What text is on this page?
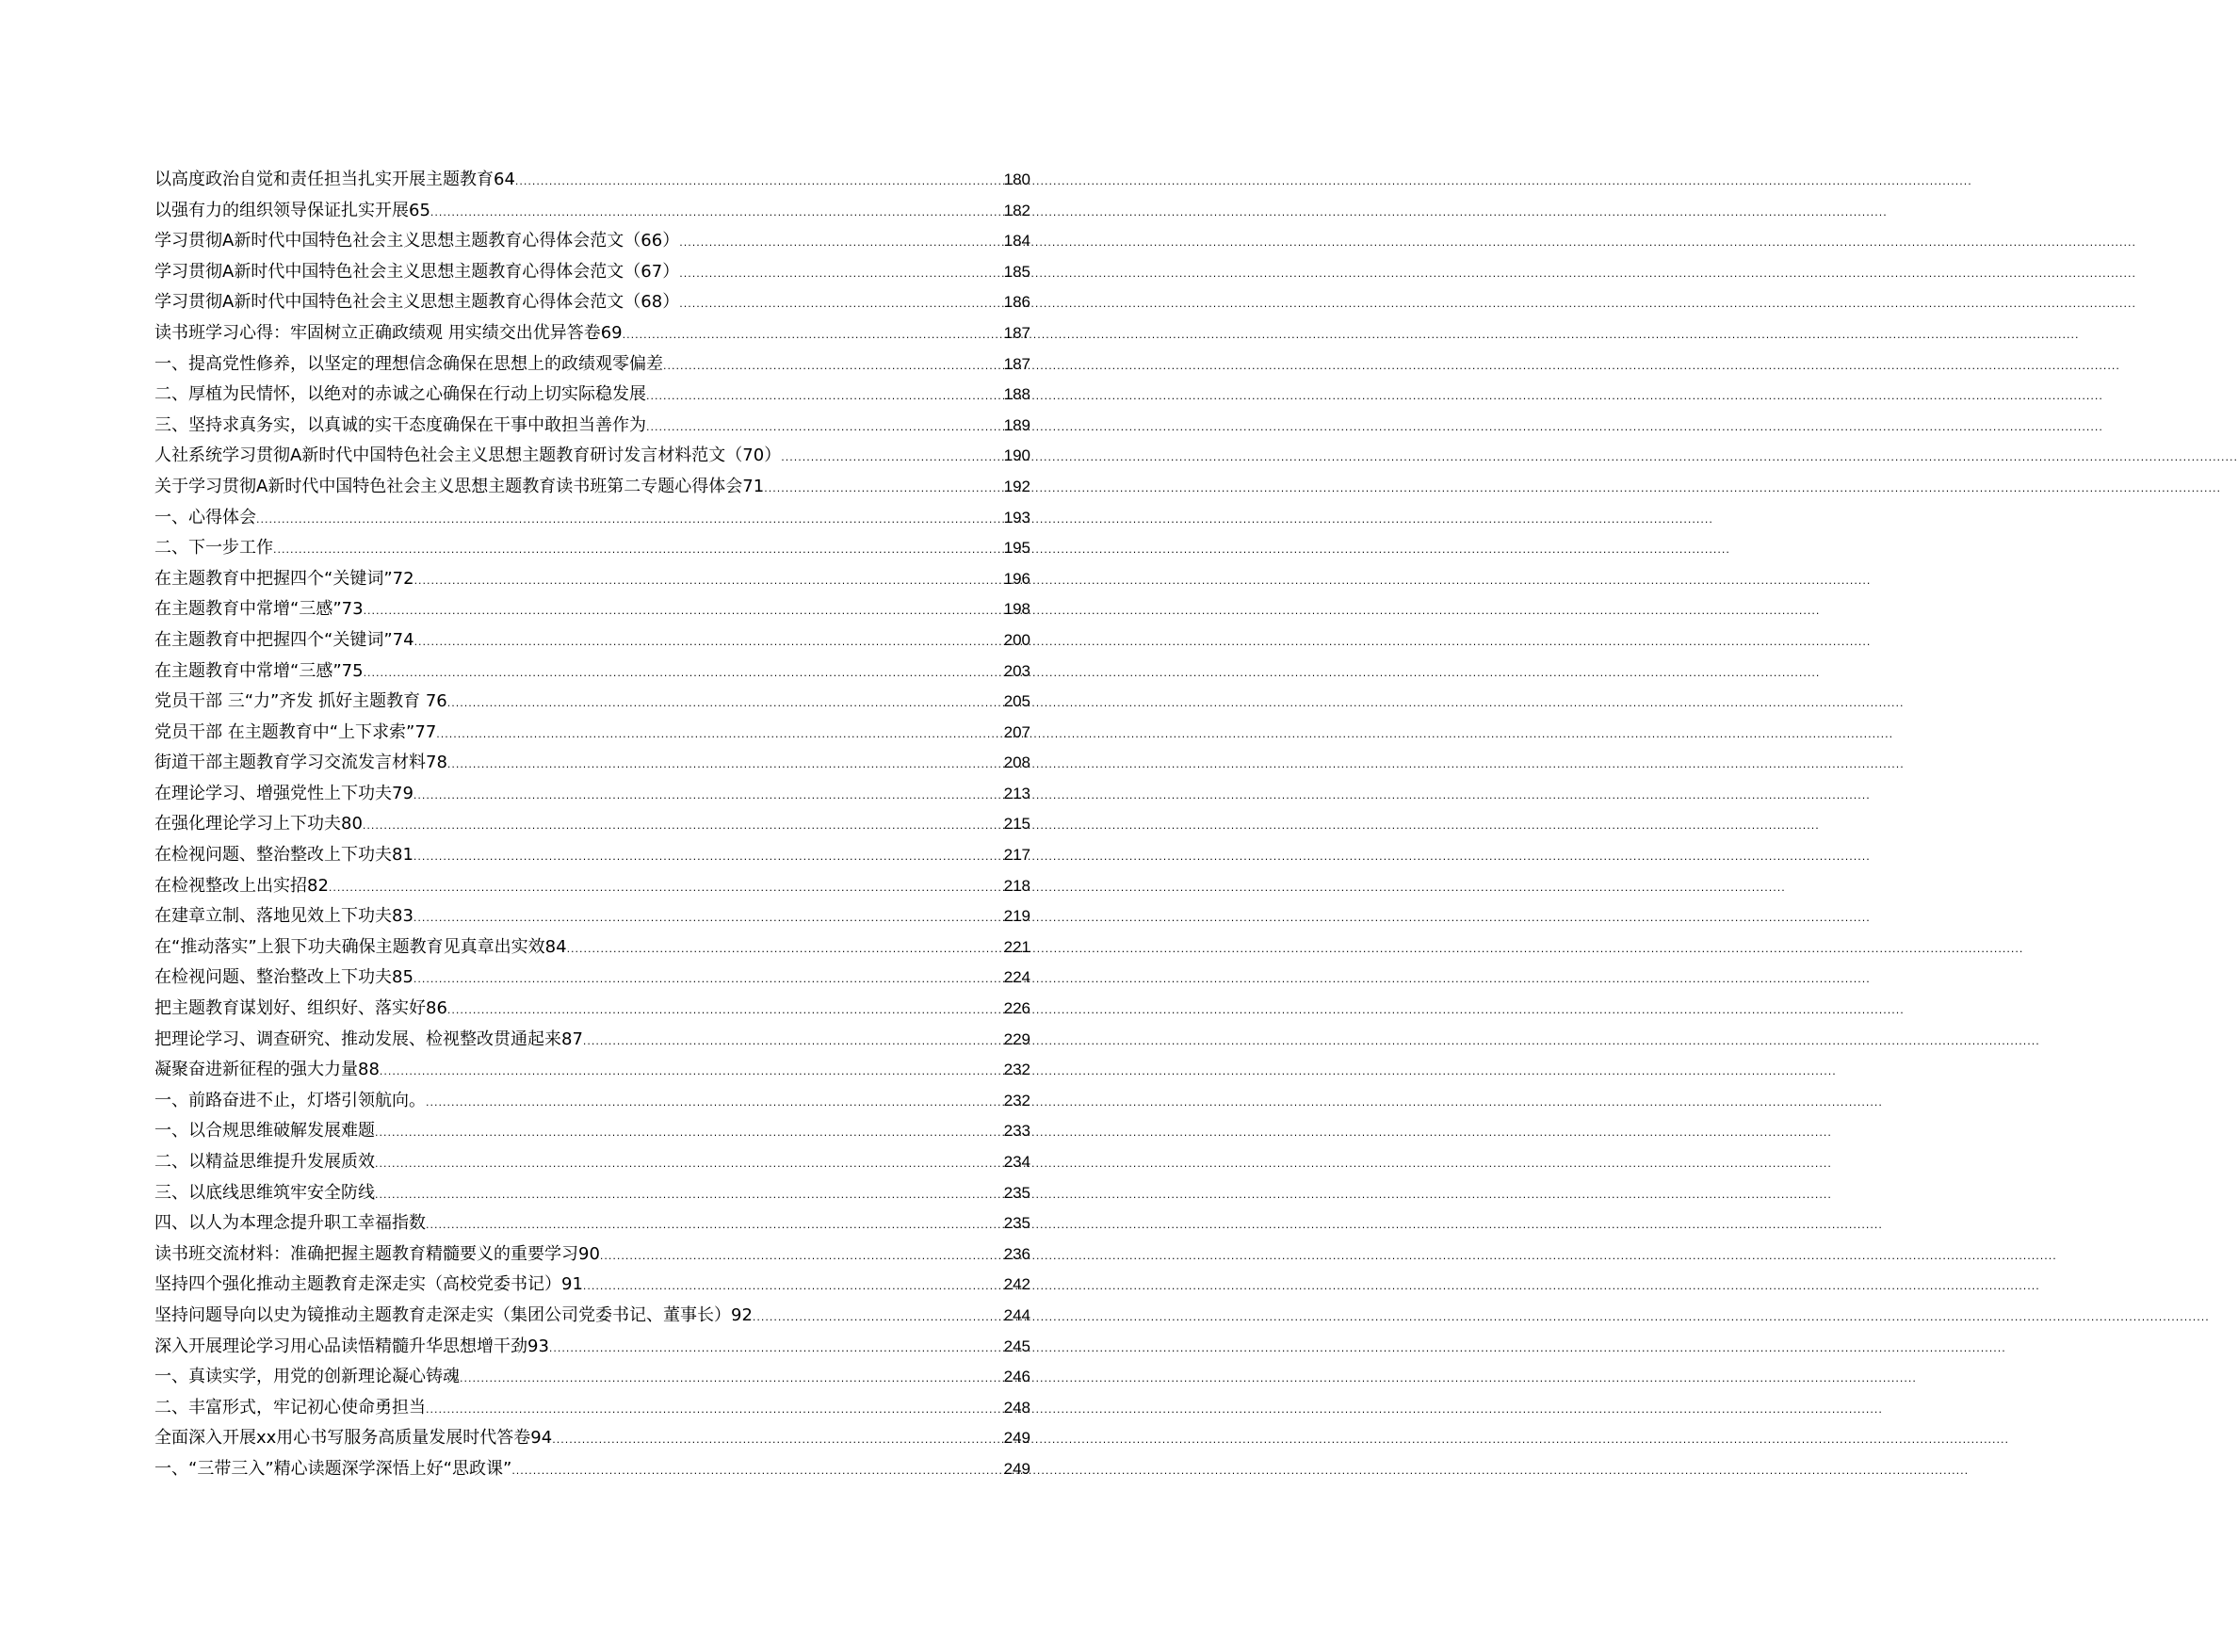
以高度政治自觉和责任担当扎实开展主题教育64 .....	180
以强有力的组织领导保证扎实开展65 .....	182
学习贯彻A新时代中国特色社会主义思想主题教育心得体会范文（66） .....	184
学习贯彻A新时代中国特色社会主义思想主题教育心得体会范文（67） .....	185
学习贯彻A新时代中国特色社会主义思想主题教育心得体会范文（68） .....	186
读书班学习心得：牢固树立正确政绩观 用实绩交出优异答卷69 .....	187
一、提高党性修养，以坚定的理想信念确保在思想上的政绩观零偏差 .....	187
二、厚植为民情怀，以绝对的赤诚之心确保在行动上切实际稳发展 .....	188
三、坚持求真务实，以真诚的实干态度确保在干事中敢担当善作为 .....	189
人社系统学习贯彻A新时代中国特色社会主义思想主题教育研讨发言材料范文（70） .....	190
关于学习贯彻A新时代中国特色社会主义思想主题教育读书班第二专题心得体会71 .....	192
一、心得体会 .....	193
二、下一步工作 .....	195
在主题教育中把握四个“关键词”72 .....	196
在主题教育中常增“三感”73 .....	198
在主题教育中把握四个“关键词”74 .....	200
在主题教育中常增“三感”75 .....	203
党员干部 三“力”齐发 抓好主题教育 76 .....	205
党员干部 在主题教育中“上下求索”77 .....	207
街道干部主题教育学习交流发言材料78 .....	208
在理论学习、增强党性上下功夫79 .....	213
在强化理论学习上下功夫80 .....	215
在检视问题、整治整改上下功夫81 .....	217
在检视整改上出实招82 .....	218
在建章立制、落地见效上下功夫83 .....	219
在“推动落实”上狠下功夫确保主题教育见真章出实效84 .....	221
在检视问题、整治整改上下功夫85 .....	224
把主题教育谋划好、组织好、落实好86 .....	226
把理论学习、调查研究、推动发展、检视整改贯通起来87 .....	229
凝聚奋进新征程的强大力量88 .....	232
一、前路奋进不止，灯塔引领航向。 .....	232
一、以合规思维破解发展难题 .....	233
二、以精益思维提升发展质效 .....	234
三、以底线思维筑牢安全防线 .....	235
四、以人为本理念提升职工幸福指数 .....	235
读书班交流材料：准确把握主题教育精髓要义的重要学习90 .....	236
坚持四个强化推动主题教育走深走实（高校党委书记）91 .....	242
坚持问题导向以史为镜推动主题教育走深走实（集团公司党委书记、董事长）92 .....	244
深入开展理论学习用心品读悟精髓升华思想增干劲93 .....	245
一、真读实学，用党的创新理论凝心铸魂 .....	246
二、丰富形式，牢记初心使命勇担当 .....	248
全面深入开展xx用心书写服务高质量发展时代答卷94 .....	249
一、“三带三入”精心读题深学深悟上好“思政课” .....	249
